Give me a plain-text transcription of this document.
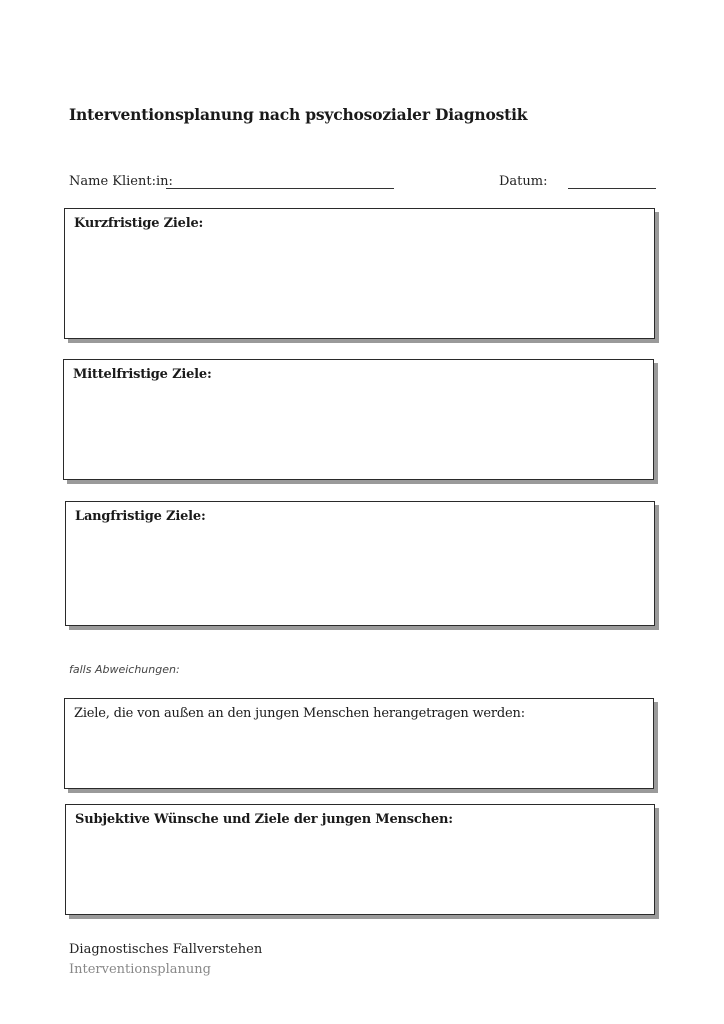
Interventionsplanung nach psychosozialer Diagnostik
Name Klient:in:	Datum:
Kurzfristige Ziele:
Mittelfristige Ziele:
Langfristige Ziele:
falls Abweichungen:
Ziele, die von außen an den jungen Menschen herangetragen werden:
Subjektive Wünsche und Ziele der jungen Menschen:
Diagnostisches Fallverstehen
Interventionsplanung
